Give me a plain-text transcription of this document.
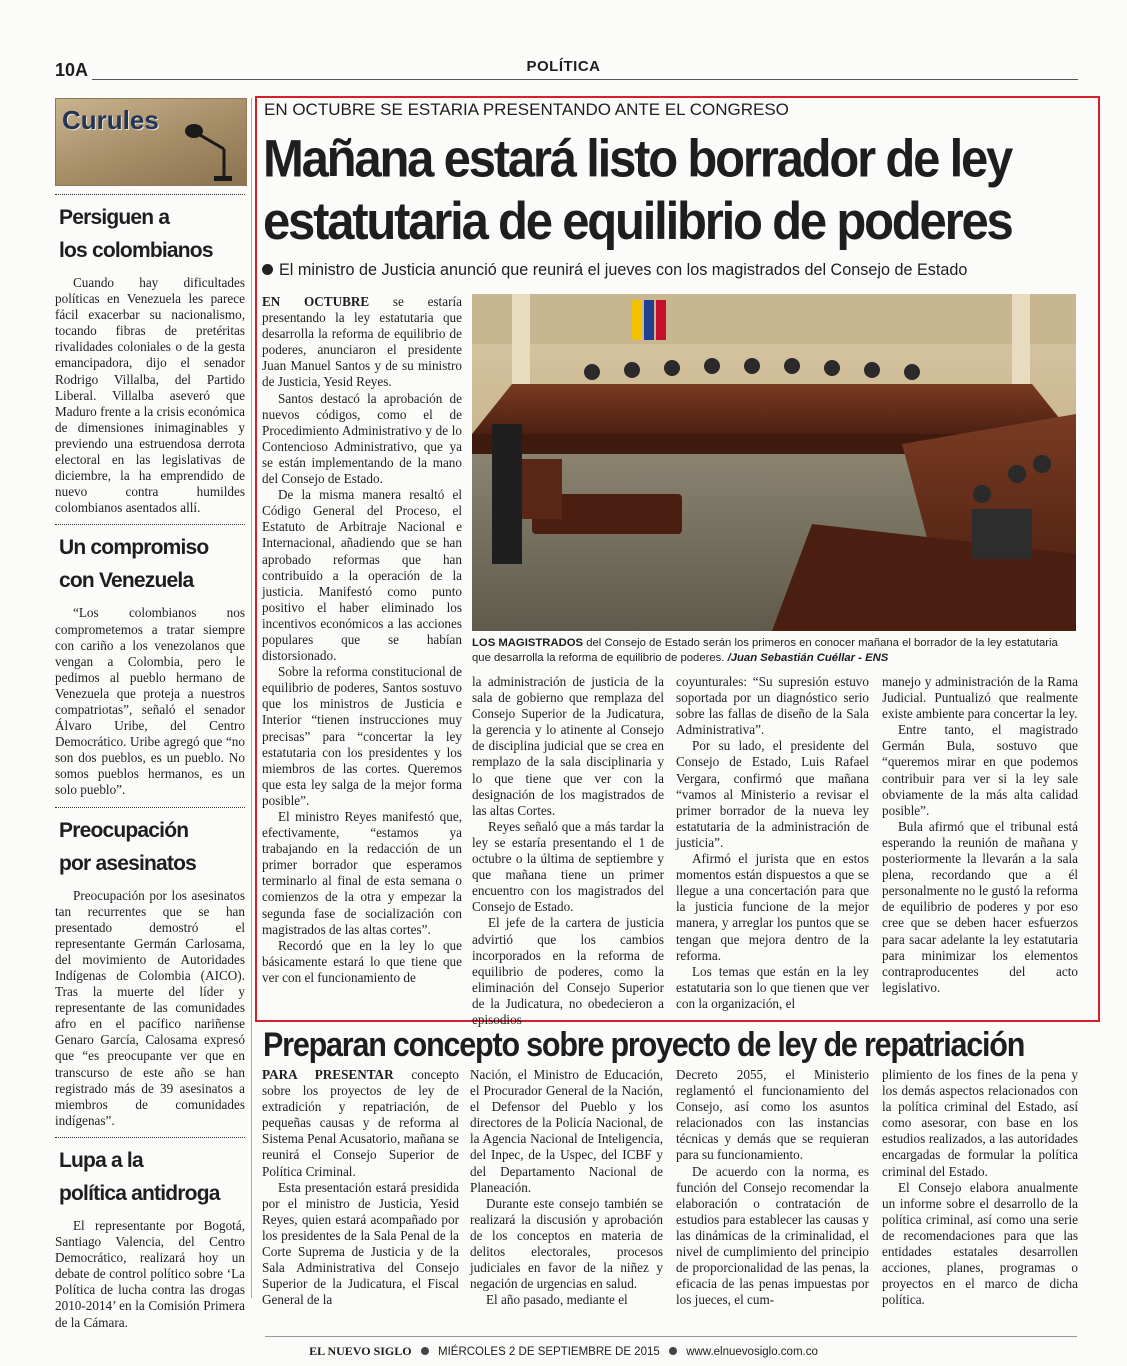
10A	POLÍTICA
Curules
Persiguen a
los colombianos
Cuando hay dificultades políticas en Venezuela les parece fácil exacerbar su nacionalismo, tocando fibras de pretéritas rivalidades coloniales o de la gesta emancipadora, dijo el senador Rodrigo Villalba, del Partido Liberal. Villalba aseveró que Maduro frente a la crisis económica de dimensiones inimaginables y previendo una estruendosa derrota electoral en las legislativas de diciembre, la ha emprendido de nuevo contra humildes colombianos asentados allí.
Un compromiso
con Venezuela
“Los colombianos nos comprometemos a tratar siempre con cariño a los venezolanos que vengan a Colombia, pero le pedimos al pueblo hermano de Venezuela que proteja a nuestros compatriotas”, señaló el senador Álvaro Uribe, del Centro Democrático. Uribe agregó que “no son dos pueblos, es un pueblo. No somos pueblos hermanos, es un solo pueblo”.
Preocupación
por asesinatos
Preocupación por los asesinatos tan recurrentes que se han presentado demostró el representante Germán Carlosama, del movimiento de Autoridades Indígenas de Colombia (AICO). Tras la muerte del líder y representante de las comunidades afro en el pacífico nariñense Genaro García, Calosama expresó que “es preocupante ver que en transcurso de este año se han registrado más de 39 asesinatos a miembros de comunidades indígenas”.
Lupa a la
política antidroga
El representante por Bogotá, Santiago Valencia, del Centro Democrático, realizará hoy un debate de control político sobre ‘La Política de lucha contra las drogas 2010-2014’ en la Comisión Primera de la Cámara.
EN OCTUBRE SE ESTARIA PRESENTANDO ANTE EL CONGRESO
Mañana estará listo borrador de ley estatutaria de equilibrio de poderes
El ministro de Justicia anunció que reunirá el jueves con los magistrados del Consejo de Estado

EN OCTUBRE se estaría presentando la ley estatutaria que desarrolla la reforma de equilibrio de poderes, anunciaron el presidente Juan Manuel Santos y de su ministro de Justicia, Yesid Reyes.

Santos destacó la aprobación de nuevos códigos, como el de Procedimiento Administrativo y de lo Contencioso Administrativo, que ya se están implementando de la mano del Consejo de Estado.

De la misma manera resaltó el Código General del Proceso, el Estatuto de Arbitraje Nacional e Internacional, añadiendo que se han aprobado reformas que han contribuido a la operación de la justicia. Manifestó como punto positivo el haber eliminado los incentivos económicos a las acciones populares que se habían distorsionado.

Sobre la reforma constitucional de equilibrio de poderes, Santos sostuvo que los ministros de Justicia e Interior “tienen instrucciones muy precisas” para “concertar la ley estatutaria con los presidentes y los miembros de las cortes. Queremos que esta ley salga de la mejor forma posible”.

El ministro Reyes manifestó que, efectivamente, “estamos ya trabajando en la redacción de un primer borrador que esperamos terminarlo al final de esta semana o comienzos de la otra y empezar la segunda fase de socialización con magistrados de las altas cortes”.

Recordó que en la ley lo que básicamente estará lo que tiene que ver con el funcionamiento de

LOS MAGISTRADOS del Consejo de Estado serán los primeros en conocer mañana el borrador de la ley estatutaria que desarrolla la reforma de equilibrio de poderes. /Juan Sebastián Cuéllar - ENS

la administración de justicia de la sala de gobierno que remplaza del Consejo Superior de la Judicatura, la gerencia y lo atinente al Consejo de disciplina judicial que se crea en remplazo de la sala disciplinaria y lo que tiene que ver con la designación de los magistrados de las altas Cortes.

Reyes señaló que a más tardar la ley se estaría presentando el 1 de octubre o la última de septiembre y que mañana tiene un primer encuentro con los magistrados del Consejo de Estado.

El jefe de la cartera de justicia advirtió que los cambios incorporados en la reforma de equilibrio de poderes, como la eliminación del Consejo Superior de la Judicatura, no obedecieron a episodios

coyunturales: “Su supresión estuvo soportada por un diagnóstico serio sobre las fallas de diseño de la Sala Administrativa”.

Por su lado, el presidente del Consejo de Estado, Luis Rafael Vergara, confirmó que mañana “vamos al Ministerio a revisar el primer borrador de la nueva ley estatutaria de la administración de justicia”.

Afirmó el jurista que en estos momentos están dispuestos a que se llegue a una concertación para que la justicia funcione de la mejor manera, y arreglar los puntos que se tengan que mejora dentro de la reforma.

Los temas que están en la ley estatutaria son lo que tienen que ver con la organización, el

manejo y administración de la Rama Judicial. Puntualizó que realmente existe ambiente para concertar la ley.

Entre tanto, el magistrado Germán Bula, sostuvo que “queremos mirar en que podemos contribuir para ver si la ley sale obviamente de la más alta calidad posible”.

Bula afirmó que el tribunal está esperando la reunión de mañana y posteriormente la llevarán a la sala plena, recordando que a él personalmente no le gustó la reforma de equilibrio de poderes y por eso cree que se deben hacer esfuerzos para sacar adelante la ley estatutaria para minimizar los elementos contraproducentes del acto legislativo.

Preparan concepto sobre proyecto de ley de repatriación

PARA PRESENTAR concepto sobre los proyectos de ley de extradición y repatriación, de pequeñas causas y de reforma al Sistema Penal Acusatorio, mañana se reunirá el Consejo Superior de Política Criminal.

Esta presentación estará presidida por el ministro de Justicia, Yesid Reyes, quien estará acompañado por los presidentes de la Sala Penal de la Corte Suprema de Justicia y de la Sala Administrativa del Consejo Superior de la Judicatura, el Fiscal General de la

Nación, el Ministro de Educación, el Procurador General de la Nación, el Defensor del Pueblo y los directores de la Policía Nacional, de la Agencia Nacional de Inteligencia, del Inpec, de la Uspec, del ICBF y del Departamento Nacional de Planeación.

Durante este consejo también se realizará la discusión y aprobación de los conceptos en materia de delitos electorales, procesos judiciales en favor de la niñez y negación de urgencias en salud.

El año pasado, mediante el

Decreto 2055, el Ministerio reglamentó el funcionamiento del Consejo, así como los asuntos relacionados con las instancias técnicas y demás que se requieran para su funcionamiento.

De acuerdo con la norma, es función del Consejo recomendar la elaboración o contratación de estudios para establecer las causas y las dinámicas de la criminalidad, el nivel de cumplimiento del principio de proporcionalidad de las penas, la eficacia de las penas impuestas por los jueces, el cum-

plimiento de los fines de la pena y los demás aspectos relacionados con la política criminal del Estado, así como asesorar, con base en los estudios realizados, a las autoridades encargadas de formular la política criminal del Estado.

El Consejo elabora anualmente un informe sobre el desarrollo de la política criminal, así como una serie de recomendaciones para que las entidades estatales desarrollen acciones, planes, programas o proyectos en el marco de dicha política.

EL NUEVO SIGLO MIÉRCOLES 2 DE SEPTIEMBRE DE 2015 www.elnuevosiglo.com.co
